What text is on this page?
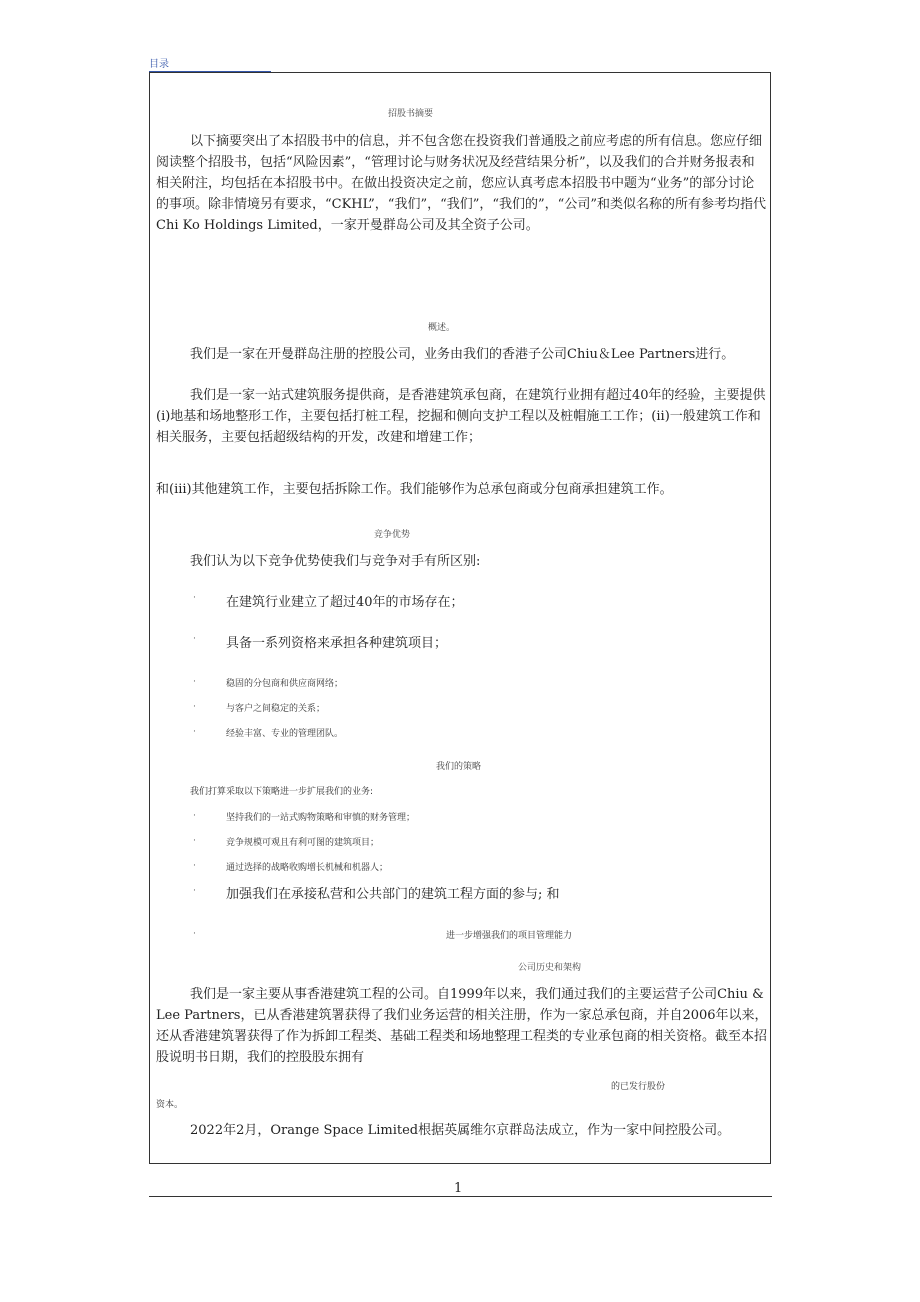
目录
招股书摘要

以下摘要突出了本招股书中的信息，并不包含您在投资我们普通股之前应考虑的所有信息。您应仔细阅读整个招股书，包括“风险因素”，“管理讨论与财务状况及经营结果分析”，以及我们的合并财务报表和相关附注，均包括在本招股书中。在做出投资决定之前，您应认真考虑本招股书中题为“业务”的部分讨论的事项。除非情境另有要求，“CKHL”，“我们”，“我们”，“我们的”，“公司”和类似名称的所有参考均指代Chi Ko Holdings Limited，一家开曼群岛公司及其全资子公司。

概述。

我们是一家在开曼群岛注册的控股公司，业务由我们的香港子公司Chiu＆Lee Partners进行。

我们是一家一站式建筑服务提供商，是香港建筑承包商，在建筑行业拥有超过40年的经验，主要提供(i)地基和场地整形工作，主要包括打桩工程，挖掘和侧向支护工程以及桩帽施工工作；(ii)一般建筑工作和相关服务，主要包括超级结构的开发，改建和增建工作；

和(iii)其他建筑工作，主要包括拆除工作。我们能够作为总承包商或分包商承担建筑工作。

竞争优势
我们认为以下竞争优势使我们与竞争对手有所区别:
· 在建筑行业建立了超过40年的市场存在；
· 具备一系列资格来承担各种建筑项目；
·	稳固的分包商和供应商网络；
·	与客户之间稳定的关系；
·	经验丰富、专业的管理团队。
我们的策略
我们打算采取以下策略进一步扩展我们的业务:
·	坚持我们的一站式购物策略和审慎的财务管理；
·	竞争规模可观且有利可图的建筑项目；
·	通过选择的战略收购增长机械和机器人；
· 加强我们在承接私营和公共部门的建筑工程方面的参与; 和
·	进一步增强我们的项目管理能力
公司历史和架构

我们是一家主要从事香港建筑工程的公司。自1999年以来，我们通过我们的主要运营子公司Chiu & Lee Partners，已从香港建筑署获得了我们业务运营的相关注册，作为一家总承包商，并自2006年以来，还从香港建筑署获得了作为拆卸工程类、基础工程类和场地整理工程类的专业承包商的相关资格。截至本招股说明书日期，我们的控股股东拥有

的已发行股份
资本。

2022年2月，Orange Space Limited根据英属维尔京群岛法成立，作为一家中间控股公司。

1
